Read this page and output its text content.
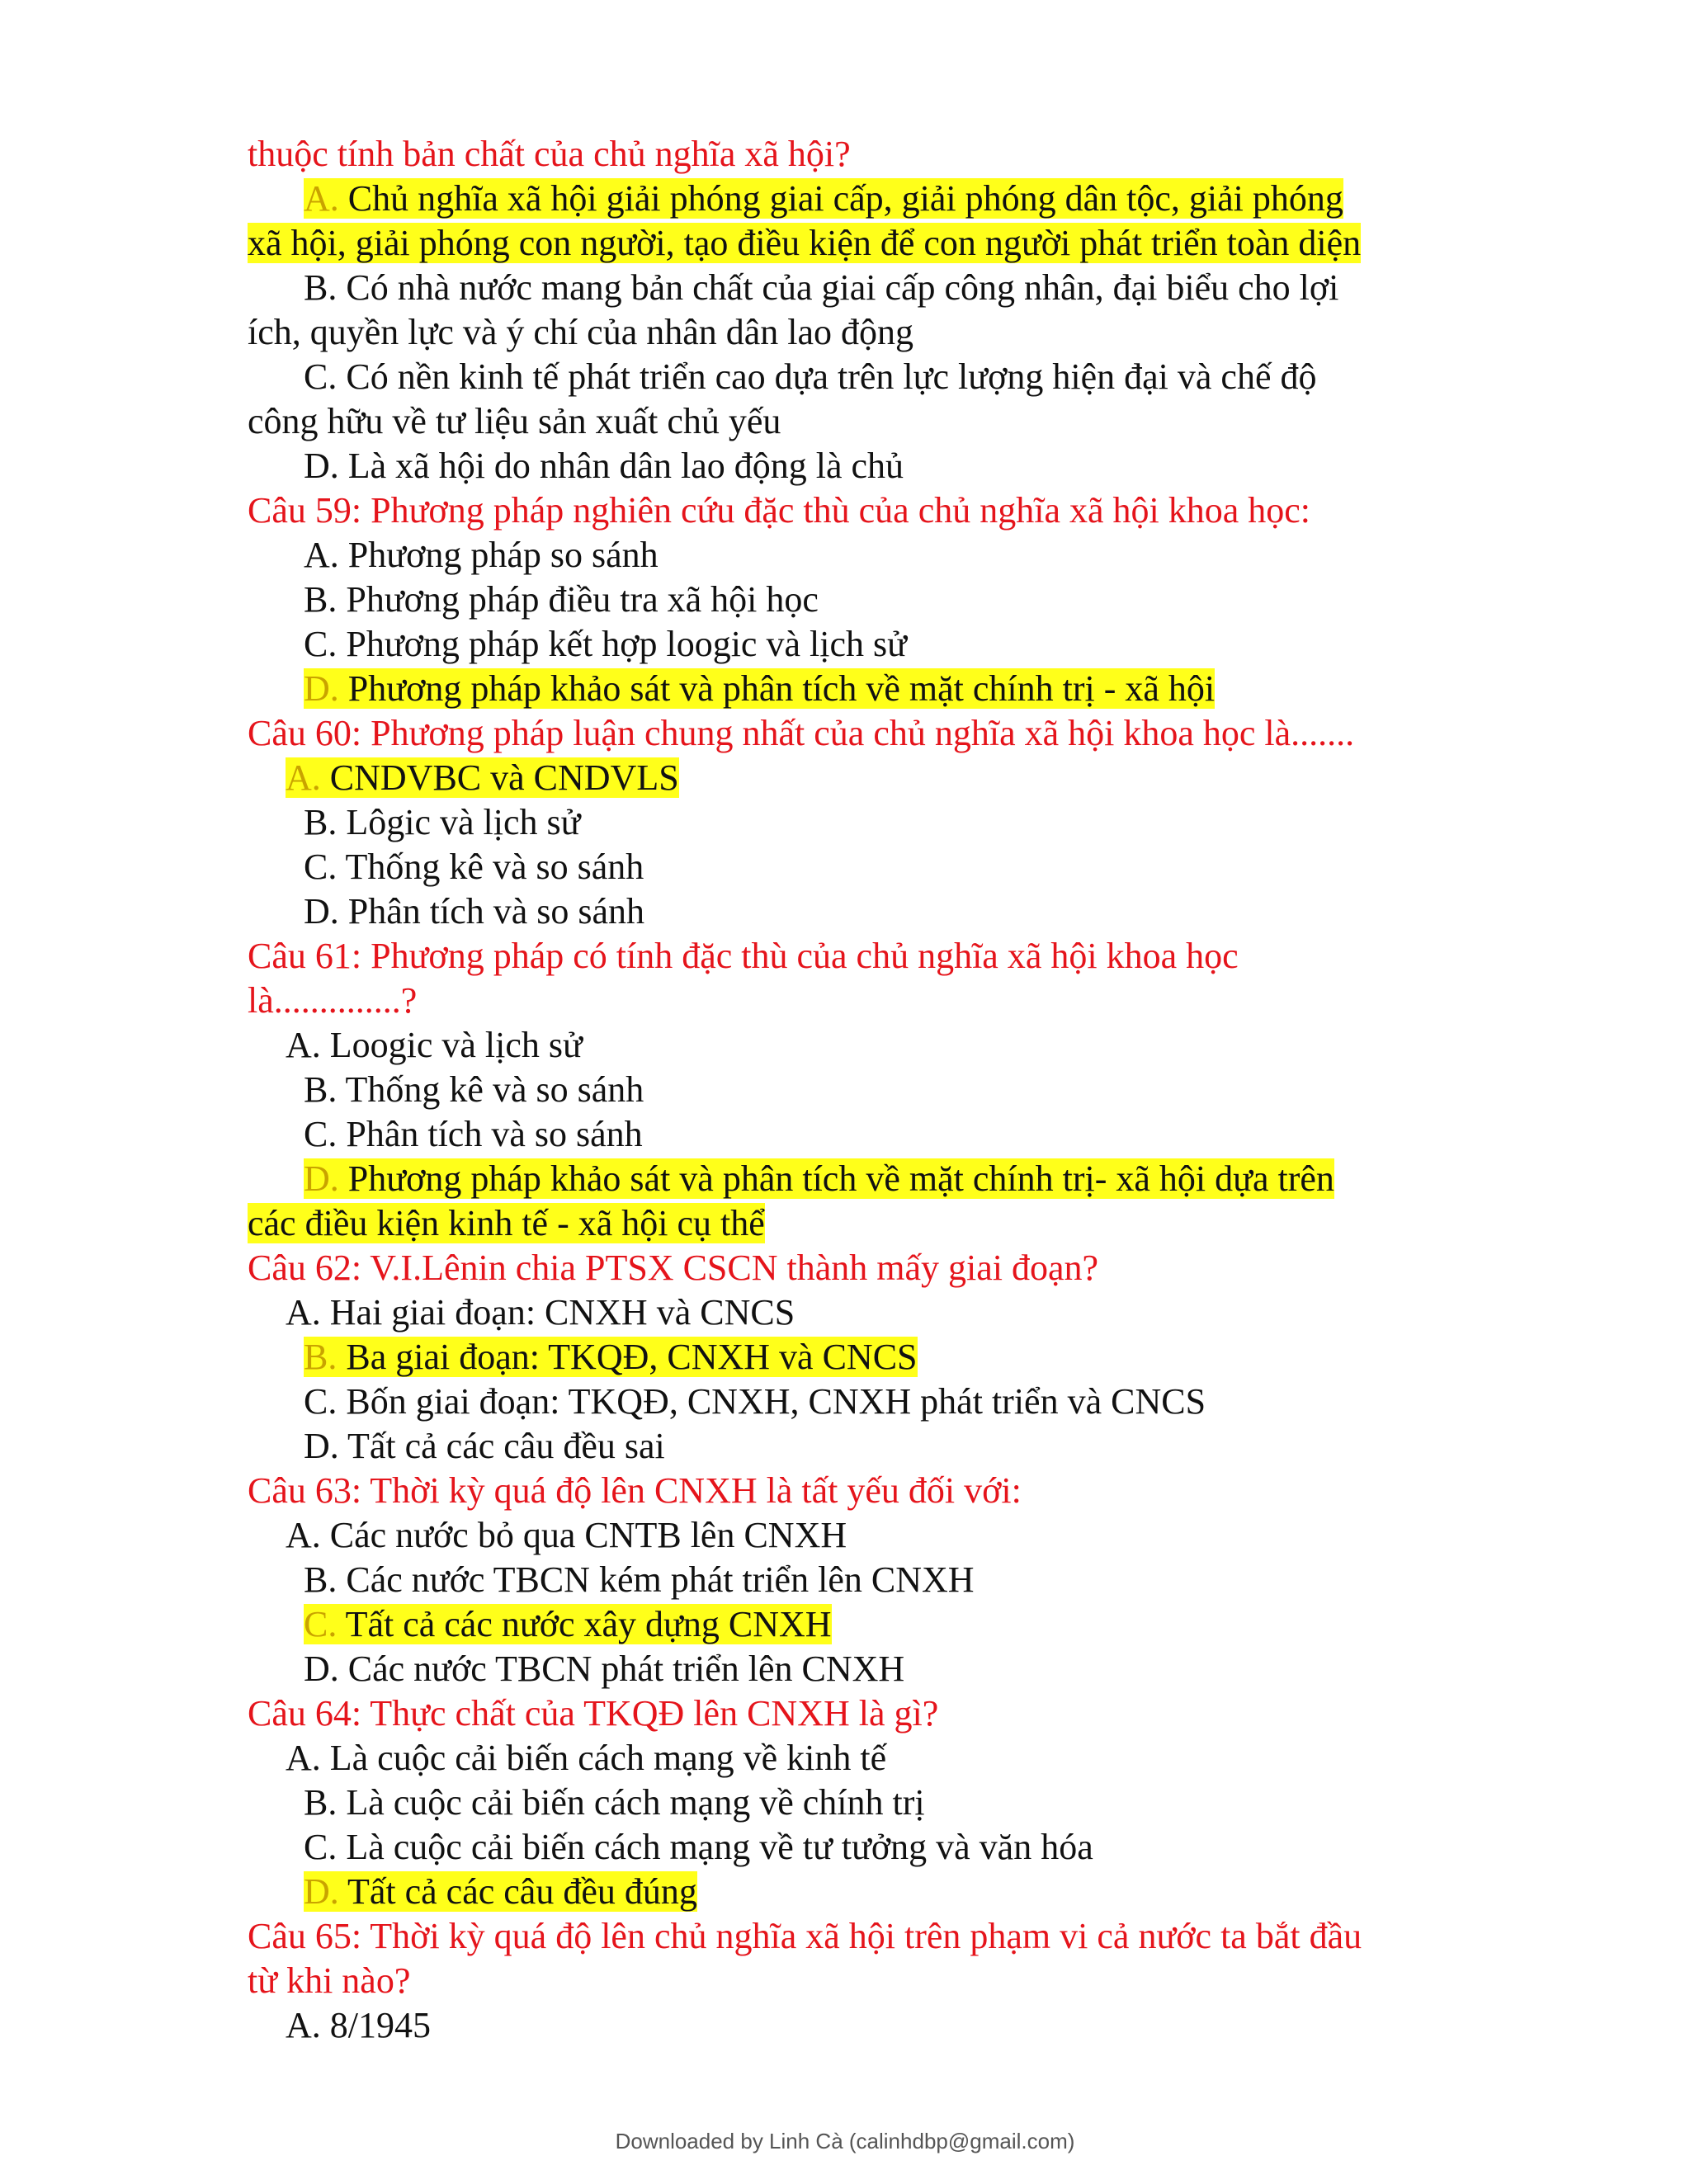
thuộc tính bản chất của chủ nghĩa xã hội?
A. Chủ nghĩa xã hội giải phóng giai cấp, giải phóng dân tộc, giải phóng
xã hội, giải phóng con người, tạo điều kiện để con người phát triển toàn diện
B. Có nhà nước mang bản chất của giai cấp công nhân, đại biểu cho lợi
ích, quyền lực và ý chí của nhân dân lao động
C. Có nền kinh tế phát triển cao dựa trên lực lượng hiện đại và chế độ
công hữu về tư liệu sản xuất chủ yếu
D. Là xã hội do nhân dân lao động là chủ
Câu 59: Phương pháp nghiên cứu đặc thù của chủ nghĩa xã hội khoa học:
A. Phương pháp so sánh
B. Phương pháp điều tra xã hội học
C. Phương pháp kết hợp loogic và lịch sử
D. Phương pháp khảo sát và phân tích về mặt chính trị - xã hội
Câu 60: Phương pháp luận chung nhất của chủ nghĩa xã hội khoa học là.......
A. CNDVBC và CNDVLS
B. Lôgic và lịch sử
C. Thống kê và so sánh
D. Phân tích và so sánh
Câu 61: Phương pháp có tính đặc thù của chủ nghĩa xã hội khoa học
là..............?
A. Loogic và lịch sử
B. Thống kê và so sánh
C. Phân tích và so sánh
D. Phương pháp khảo sát và phân tích về mặt chính trị- xã hội dựa trên
các điều kiện kinh tế - xã hội cụ thể
Câu 62: V.I.Lênin chia PTSX CSCN thành mấy giai đoạn?
A. Hai giai đoạn: CNXH và CNCS
B. Ba giai đoạn: TKQĐ, CNXH và CNCS
C. Bốn giai đoạn: TKQĐ, CNXH, CNXH phát triển và CNCS
D. Tất cả các câu đều sai
Câu 63: Thời kỳ quá độ lên CNXH là tất yếu đối với:
A. Các nước bỏ qua CNTB lên CNXH
B. Các nước TBCN kém phát triển lên CNXH
C. Tất cả các nước xây dựng CNXH
D. Các nước TBCN phát triển lên CNXH
Câu 64: Thực chất của TKQĐ lên CNXH là gì?
A. Là cuộc cải biến cách mạng về kinh tế
B. Là cuộc cải biến cách mạng về chính trị
C. Là cuộc cải biến cách mạng về tư tưởng và văn hóa
D. Tất cả các câu đều đúng
Câu 65: Thời kỳ quá độ lên chủ nghĩa xã hội trên phạm vi cả nước ta bắt đầu
từ khi nào?
A. 8/1945
Downloaded by Linh Cà (calinhdbp@gmail.com)
